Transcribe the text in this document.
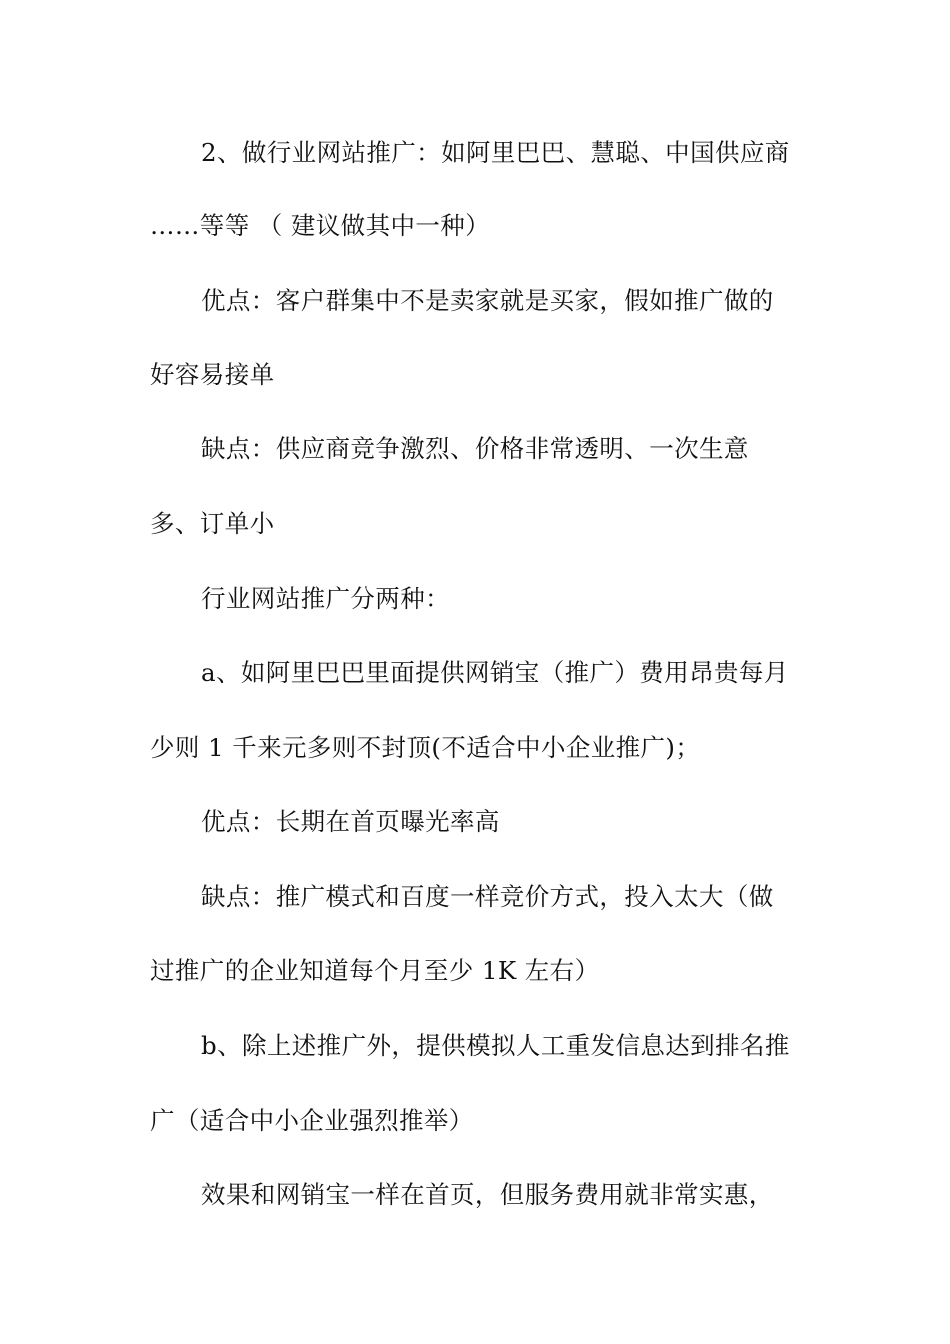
2、做行业网站推广：如阿里巴巴、慧聪、中国供应商
……等等 （ 建议做其中一种）
优点：客户群集中不是卖家就是买家，假如推广做的
好容易接单
缺点：供应商竞争激烈、价格非常透明、一次生意
多、订单小
行业网站推广分两种：
a、如阿里巴巴里面提供网销宝（推广）费用昂贵每月
少则 1 千来元多则不封顶(不适合中小企业推广)；
优点：长期在首页曝光率高
缺点：推广模式和百度一样竞价方式，投入太大（做
过推广的企业知道每个月至少 1K 左右）
b、除上述推广外，提供模拟人工重发信息达到排名推
广（适合中小企业强烈推举）
效果和网销宝一样在首页，但服务费用就非常实惠，
